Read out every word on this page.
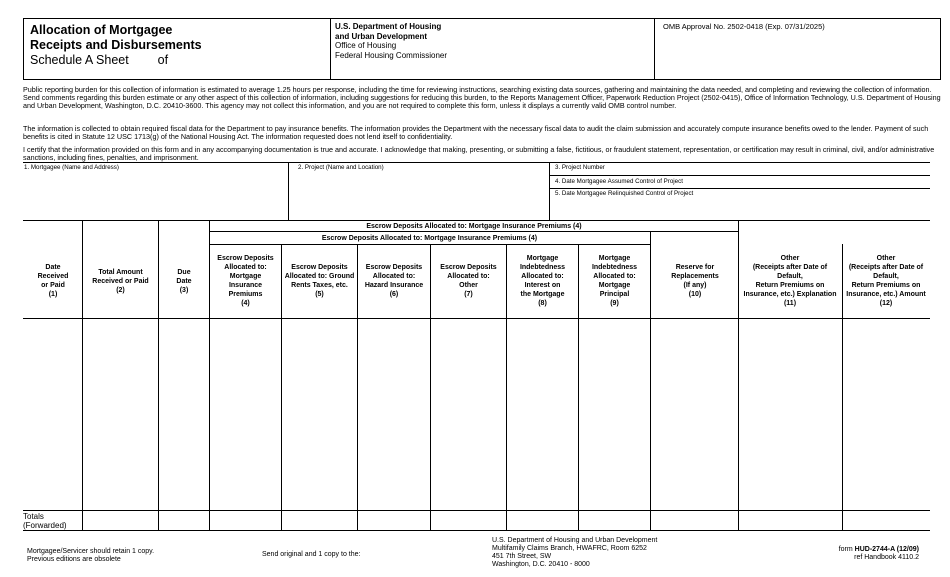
Allocation of Mortgagee
Receipts and Disbursements
Schedule A Sheet of
U.S. Department of Housing
and Urban Development
Office of Housing
Federal Housing Commissioner
OMB Approval No. 2502-0418 (Exp. 07/31/2025)
Public reporting burden for this collection of information is estimated to average 1.25 hours per response, including the time for reviewing instructions, searching existing data sources, gathering and maintaining the data needed, and completing and reviewing the collection of information. Send comments regarding this burden estimate or any other aspect of this collection of information, including suggestions for reducing this burden, to the Reports Management Officer, Paperwork Reduction Project (2502-0415), Office of Information Technology, U.S. Department of Housing and Urban Development, Washington, D.C. 20410-3600. This agency may not collect this information, and you are not required to complete this form, unless it displays a currently valid OMB control number.
The information is collected to obtain required fiscal data for the Department to pay insurance benefits. The information provides the Department with the necessary fiscal data to audit the claim submission and accurately compute insurance benefits owed to the lender. Payment of such benefits is cited in Statute 12 USC 1713(g) of the National Housing Act. The information requested does not lend itself to confidentiality.
I certify that the information provided on this form and in any accompanying documentation is true and accurate. I acknowledge that making, presenting, or submitting a false, fictitious, or fraudulent statement, representation, or certification may result in criminal, civil, and/or administrative sanctions, including fines, penalties, and imprisonment.
1. Mortgagee (Name and Address)	2. Project (Name and Location)	3. Project Number
4. Date Mortgagee Assumed Control of Project
5. Date Mortgagee Relinquished Control of Project
Escrow Deposits Allocated to: Mortgage Insurance Premiums (4)
Escrow Deposits Allocated to: Mortgage Insurance Premiums (4)
Date
Received
or Paid
(1)
Total Amount
Received or Paid
(2)
Due
Date
(3)
Escrow Deposits
Allocated to:
Mortgage
Insurance
Premiums
(4)
Escrow Deposits
Allocated to: Ground
Rents Taxes, etc.
(5)
Escrow Deposits
Allocated to:
Hazard Insurance
(6)
Escrow Deposits
Allocated to:
Other
(7)
Mortgage
Indebtedness
Allocated to:
Interest on
the Mortgage
(8)
Mortgage
Indebtedness
Allocated to:
Mortgage
Principal
(9)
Reserve for
Replacements
(If any)
(10)
Other
(Receipts after Date of
Default,
Return Premiums on
Insurance, etc.) Explanation
(11)
Other
(Receipts after Date of
Default,
Return Premiums on
Insurance, etc.) Amount
(12)
Totals
(Forwarded)
Mortgagee/Servicer should retain 1 copy.
Previous editions are obsolete
Send original and 1 copy to the:
U.S. Department of Housing and Urban Development
Multifamily Claims Branch, HWAFRC, Room 6252
451 7th Street, SW
Washington, D.C. 20410 - 8000
form HUD-2744-A (12/09)
ref Handbook 4110.2
